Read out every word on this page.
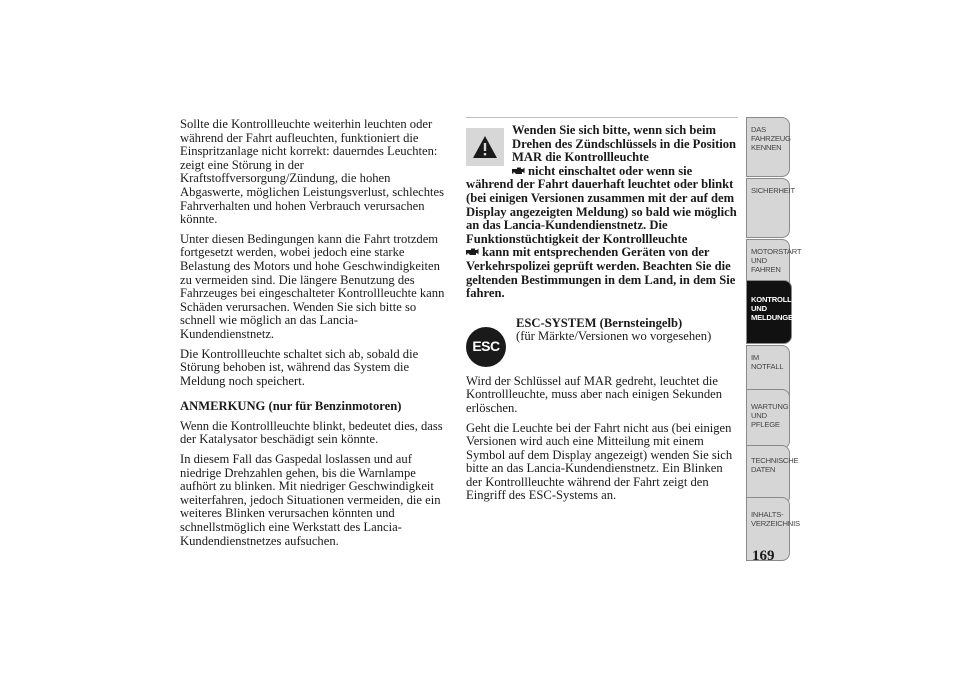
Sollte die Kontrollleuchte weiterhin leuchten oder während der Fahrt aufleuchten, funktioniert die Einspritzanlage nicht korrekt: dauerndes Leuchten: zeigt eine Störung in der Kraftstoffversorgung/Zündung, die hohen Abgaswerte, möglichen Leistungsverlust, schlechtes Fahrverhalten und hohen Verbrauch verursachen könnte.

Unter diesen Bedingungen kann die Fahrt trotzdem fortgesetzt werden, wobei jedoch eine starke Belastung des Motors und hohe Geschwindigkeiten zu vermeiden sind. Die längere Benutzung des Fahrzeuges bei eingeschalteter Kontrollleuchte kann Schäden verursachen. Wenden Sie sich bitte so schnell wie möglich an das Lancia-Kundendienstnetz.

Die Kontrollleuchte schaltet sich ab, sobald die Störung behoben ist, während das System die Meldung noch speichert.

ANMERKUNG (nur für Benzinmotoren)

Wenn die Kontrollleuchte blinkt, bedeutet dies, dass der Katalysator beschädigt sein könnte.

In diesem Fall das Gaspedal loslassen und auf niedrige Drehzahlen gehen, bis die Warnlampe aufhört zu blinken. Mit niedriger Geschwindigkeit weiterfahren, jedoch Situationen vermeiden, die ein weiteres Blinken verursachen könnten und schnellstmöglich eine Werkstatt des Lancia-Kundendienstnetzes aufsuchen.

Wenden Sie sich bitte, wenn sich beim Drehen des Zündschlüssels in die Position MAR die Kontrollleuchte
nicht einschaltet oder wenn sie während der Fahrt dauerhaft leuchtet oder blinkt (bei einigen Versionen zusammen mit der auf dem Display angezeigten Meldung) so bald wie möglich an das Lancia-Kundendienstnetz. Die Funktionstüchtigkeit der Kontrollleuchte
kann mit entsprechenden Geräten von der Verkehrspolizei geprüft werden. Beachten Sie die geltenden Bestimmungen in dem Land, in dem Sie fahren.
ESC
ESC-SYSTEM (Bernsteingelb)
(für Märkte/Versionen wo vorgesehen)

Wird der Schlüssel auf MAR gedreht, leuchtet die Kontrollleuchte, muss aber nach einigen Sekunden erlöschen.

Geht die Leuchte bei der Fahrt nicht aus (bei einigen Versionen wird auch eine Mitteilung mit einem Symbol auf dem Display angezeigt) wenden Sie sich bitte an das Lancia-Kundendienstnetz. Ein Blinken der Kontrollleuchte während der Fahrt zeigt den Eingriff des ESC-Systems an.

DAS FAHRZEUG KENNEN
SICHERHEIT
MOTORSTART UND FAHREN
KONTROLLLEUCHTEN UND MELDUNGEN
IM NOTFALL
WARTUNG UND PFLEGE
TECHNISCHE DATEN
INHALTS-VERZEICHNIS
169
